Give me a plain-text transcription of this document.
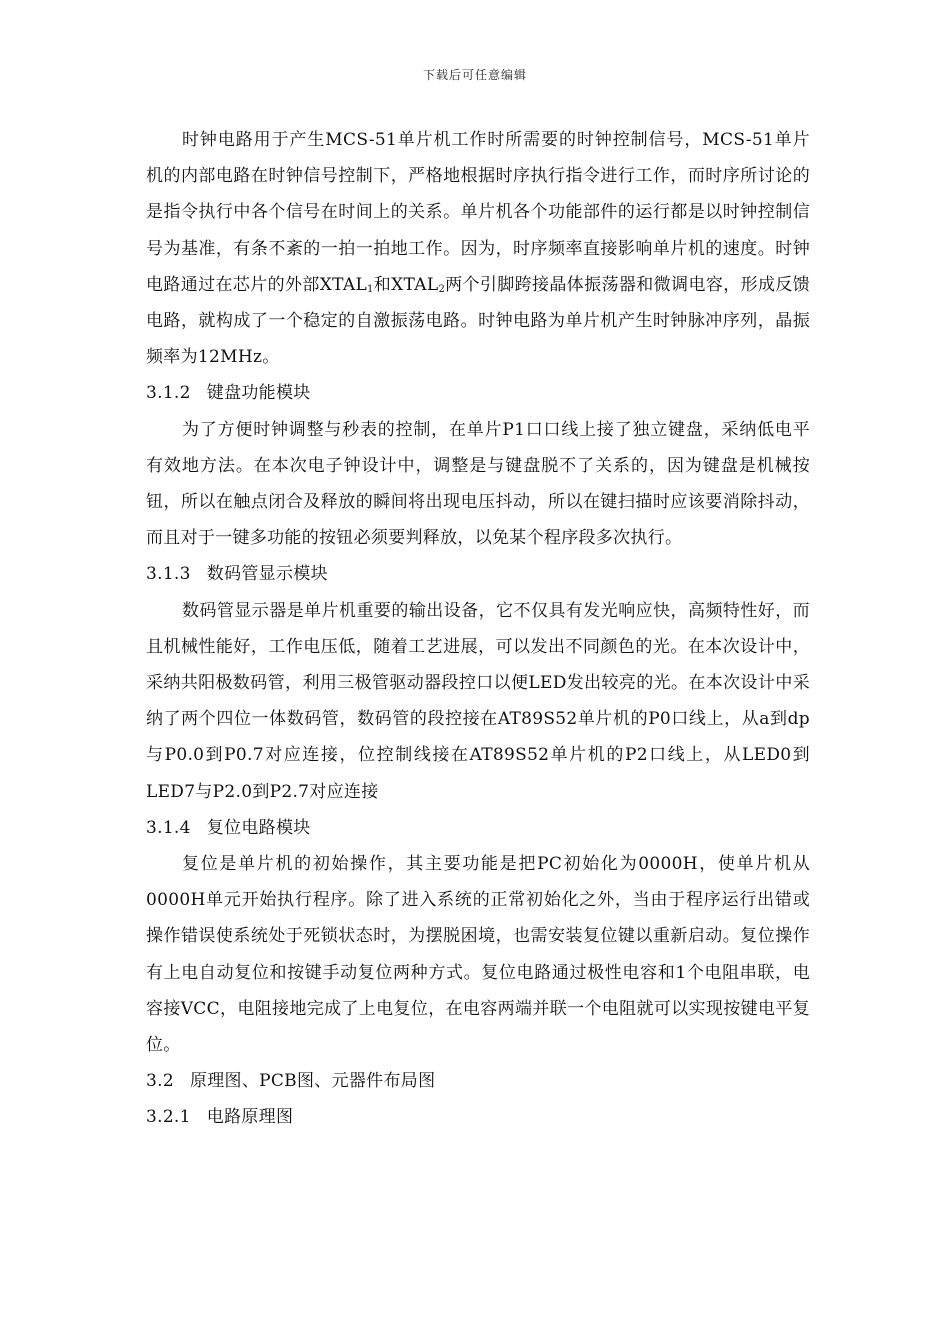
下载后可任意编辑

时钟电路用于产生MCS-51单片机工作时所需要的时钟控制信号，MCS-51单片机的内部电路在时钟信号控制下，严格地根据时序执行指令进行工作，而时序所讨论的是指令执行中各个信号在时间上的关系。单片机各个功能部件的运行都是以时钟控制信号为基准，有条不紊的一拍一拍地工作。因为，时序频率直接影响单片机的速度。时钟电路通过在芯片的外部$XTAL_1$和$XTAL_2$两个引脚跨接晶体振荡器和微调电容，形成反馈电路，就构成了一个稳定的自激振荡电路。时钟电路为单片机产生时钟脉冲序列，晶振频率为12MHz。

3.1.2 键盘功能模块

为了方便时钟调整与秒表的控制，在单片P1口口线上接了独立键盘，采纳低电平有效地方法。在本次电子钟设计中，调整是与键盘脱不了关系的，因为键盘是机械按钮，所以在触点闭合及释放的瞬间将出现电压抖动，所以在键扫描时应该要消除抖动，而且对于一键多功能的按钮必须要判释放，以免某个程序段多次执行。

3.1.3 数码管显示模块

数码管显示器是单片机重要的输出设备，它不仅具有发光响应快，高频特性好，而且机械性能好，工作电压低，随着工艺进展，可以发出不同颜色的光。在本次设计中，采纳共阳极数码管，利用三极管驱动器段控口以便LED发出较亮的光。在本次设计中采纳了两个四位一体数码管，数码管的段控接在AT89S52单片机的P0口线上，从a到dp与P0.0到P0.7对应连接，位控制线接在AT89S52单片机的P2口线上，从LED0到LED7与P2.0到P2.7对应连接

3.1.4 复位电路模块

复位是单片机的初始操作，其主要功能是把PC初始化为0000H，使单片机从0000H单元开始执行程序。除了进入系统的正常初始化之外，当由于程序运行出错或操作错误使系统处于死锁状态时，为摆脱困境，也需安装复位键以重新启动。复位操作有上电自动复位和按键手动复位两种方式。复位电路通过极性电容和1个电阻串联，电容接VCC，电阻接地完成了上电复位，在电容两端并联一个电阻就可以实现按键电平复位。

3.2 原理图、PCB图、元器件布局图

3.2.1 电路原理图
